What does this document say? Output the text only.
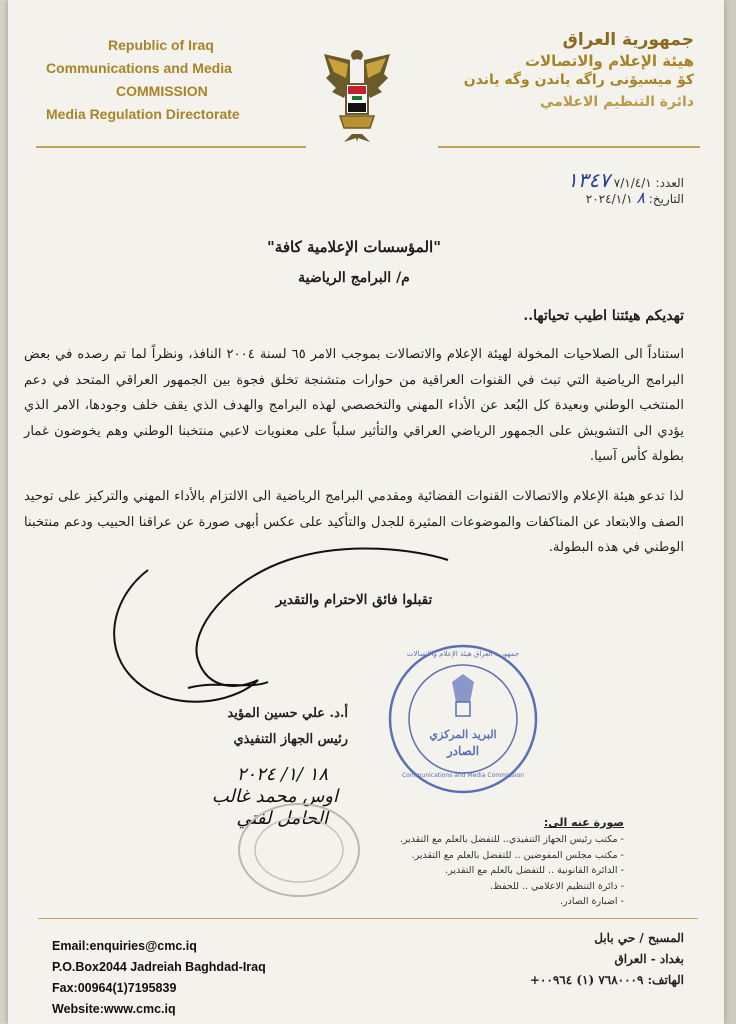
Republic of Iraq
Communications and Media
COMMISSION
Media Regulation Directorate
جمهورية العراق
هيئة الإعلام والاتصالات
كۆ ميسيۆنى راگه ياندن وگه ياندن
دائرة التنظيم الاعلامي
العدد: ٧/١/٤/١ ١٣٤٧
التاريخ: ٨ ٢٠٢٤/١/١
"المؤسسات الإعلامية كافة"
م/ البرامج الرياضية
تهديكم هيئتنا اطيب تحياتها..
استناداً الى الصلاحيات المخولة لهيئة الإعلام والاتصالات بموجب الامر ٦٥ لسنة ٢٠٠٤ النافذ، ونظراً لما تم رصده في بعض البرامج الرياضية التي تبث في القنوات العراقية من حوارات متشنجة تخلق فجوة بين الجمهور العراقي المتحد في دعم المنتخب الوطني وبعيدة كل البُعد عن الأداء المهني والتخصصي لهذه البرامج والهدف الذي يقف خلف وجودها، الامر الذي يؤدي الى التشويش على الجمهور الرياضي العراقي والتأثير سلباً على معنويات لاعبي منتخبنا الوطني وهم يخوضون غمار بطولة كأس آسيا.
لذا تدعو هيئة الإعلام والاتصالات القنوات الفضائية ومقدمي البرامج الرياضية الى الالتزام بالأداء المهني والتركيز على توحيد الصف والابتعاد عن المناكفات والموضوعات المثيرة للجدل والتأكيد على عكس أبهى صورة عن عراقنا الحبيب ودعم منتخبنا الوطني في هذه البطولة.
تقبلوا فائق الاحترام والتقدير
أ.د. علي حسين المؤيد
رئيس الجهاز التنفيذي
١٨ /١/ ٢٠٢٤
اوس محمد غالب
الحامل لفتي
البريد المركزي
الصادر
جمهورية العراق هيئة الإعلام والاتصالات
Communications and Media Commission
صورة عنه الى:
- مكتب رئيس الجهاز التنفيذي.. للتفضل بالعلم مع التقدير.
- مكتب مجلس المفوضين .. للتفضل بالعلم مع التقدير.
- الدائرة القانونية .. للتفضل بالعلم مع التقدير.
- دائرة التنظيم الاعلامي .. للحفظ.
- اضبارة الصادر.
Email:enquiries@cmc.iq
P.O.Box2044 Jadreiah Baghdad-Iraq
Fax:00964(1)7195839
Website:www.cmc.iq
المسبح / حي بابل
بغداد - العراق
الهاتف: ٧٦٨٠٠٠٩ (١) ٠٠٩٦٤+
